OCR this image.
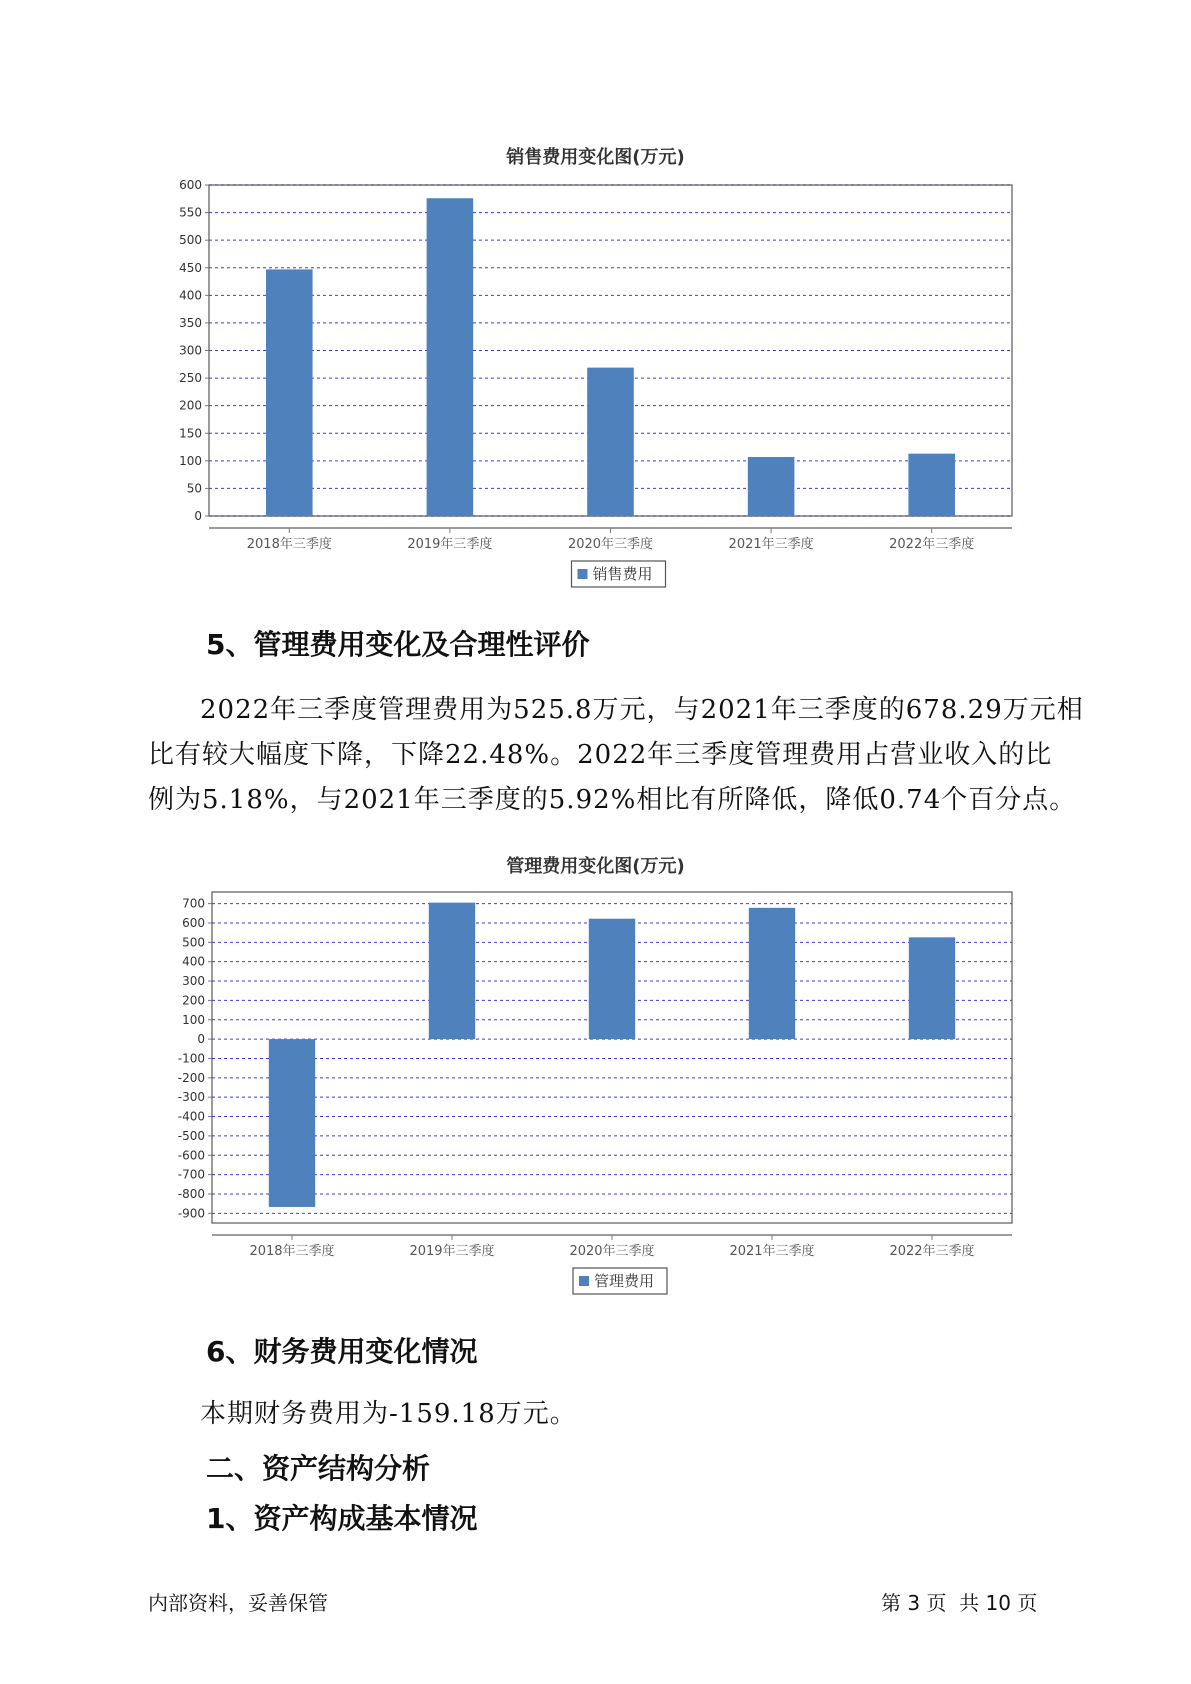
销售费用变化图(万元)
0
50
100
150
200
250
300
350
400
450
500
550
600
2018年三季度	2019年三季度	2020年三季度	2021年三季度	2022年三季度
销售费用
5、管理费用变化及合理性评价
2022年三季度管理费用为525.8万元，与2021年三季度的678.29万元相
比有较大幅度下降，下降22.48%。2022年三季度管理费用占营业收入的比
例为5.18%，与2021年三季度的5.92%相比有所降低，降低0.74个百分点。
管理费用变化图(万元)
700
600
500
400
300
200
100
0
-100
-200
-300
-400
-500
-600
-700
-800
-900
2018年三季度	2019年三季度	2020年三季度	2021年三季度	2022年三季度
管理费用
6、财务费用变化情况
本期财务费用为-159.18万元。
二、资产结构分析
1、资产构成基本情况
内部资料，妥善保管	第 3 页  共 10 页
